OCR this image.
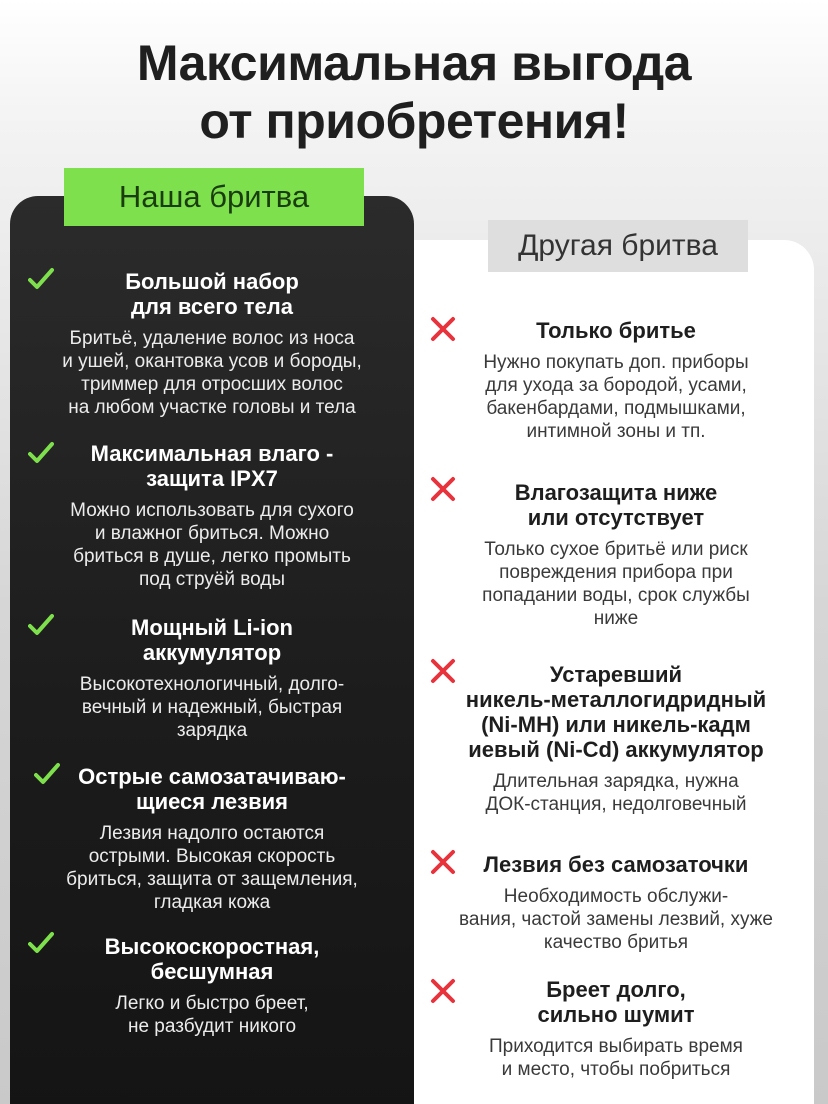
Максимальная выгода
от приобретения!
Наша бритва
Другая бритва
Большой набор
для всего тела
Бритьё, удаление волос из носа
и ушей, окантовка усов и бороды,
триммер для отросших волос
на любом участке головы и тела
Максимальная влаго -
защита IPX7
Можно использовать для сухого
и влажног бриться. Можно
бриться в душе, легко промыть
под струёй воды
Мощный Li-ion
аккумулятор
Высокотехнологичный, долго-
вечный и надежный, быстрая
зарядка
Острые самозатачиваю-
щиеся лезвия
Лезвия надолго остаются
острыми. Высокая скорость
бриться, защита от защемления,
гладкая кожа
Высокоскоростная,
бесшумная
Легко и быстро бреет,
не разбудит никого
Только бритье
Нужно покупать доп. приборы
для ухода за бородой, усами,
бакенбардами, подмышками,
интимной зоны и тп.
Влагозащита ниже
или отсутствует
Только сухое бритьё или риск
повреждения прибора при
попадании воды, срок службы
ниже
Устаревший
никель-металлогидридный
(Ni-MH) или никель-кадм
иевый (Ni-Cd) аккумулятор
Длительная зарядка, нужна
ДОК-станция, недолговечный
Лезвия без самозаточки
Необходимость обслужи-
вания, частой замены лезвий, хуже
качество бритья
Бреет долго,
сильно шумит
Приходится выбирать время
и место, чтобы побриться
